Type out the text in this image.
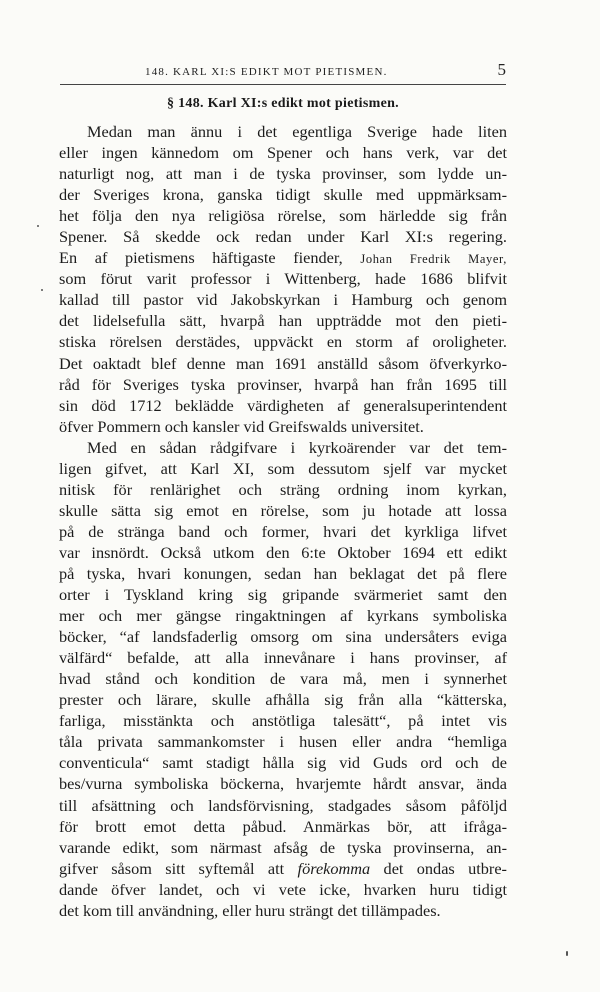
148. KARL XI:S EDIKT MOT PIETISMEN.	5
§ 148. Karl XI:s edikt mot pietismen.
Medan man ännu i det egentliga Sverige hade liten
eller ingen kännedom om Spener och hans verk, var det
naturligt nog, att man i de tyska provinser, som lydde un-
der Sveriges krona, ganska tidigt skulle med uppmärksam-
het följa den nya religiösa rörelse, som härledde sig från
Spener. Så skedde ock redan under Karl XI:s regering.
En af pietismens häftigaste fiender, Johan Fredrik Mayer,
som förut varit professor i Wittenberg, hade 1686 blifvit
kallad till pastor vid Jakobskyrkan i Hamburg och genom
det lidelsefulla sätt, hvarpå han uppträdde mot den pieti-
stiska rörelsen derstädes, uppväckt en storm af oroligheter.
Det oaktadt blef denne man 1691 anställd såsom öfverkyrko-
råd för Sveriges tyska provinser, hvarpå han från 1695 till
sin död 1712 beklädde värdigheten af generalsuperintendent
öfver Pommern och kansler vid Greifswalds universitet.
Med en sådan rådgifvare i kyrkoärender var det tem-
ligen gifvet, att Karl XI, som dessutom sjelf var mycket
nitisk för renlärighet och sträng ordning inom kyrkan,
skulle sätta sig emot en rörelse, som ju hotade att lossa
på de stränga band och former, hvari det kyrkliga lifvet
var insnördt. Också utkom den 6:te Oktober 1694 ett edikt
på tyska, hvari konungen, sedan han beklagat det på flere
orter i Tyskland kring sig gripande svärmeriet samt den
mer och mer gängse ringaktningen af kyrkans symboliska
böcker, “af landsfaderlig omsorg om sina undersåters eviga
välfärd“ befalde, att alla innevånare i hans provinser, af
hvad stånd och kondition de vara må, men i synnerhet
prester och lärare, skulle afhålla sig från alla “kätterska,
farliga, misstänkta och anstötliga talesätt“, på intet vis
tåla privata sammankomster i husen eller andra “hemliga
conventicula“ samt stadigt hålla sig vid Guds ord och de
bes/vurna symboliska böckerna, hvarjemte hårdt ansvar, ända
till afsättning och landsförvisning, stadgades såsom påföljd
för brott emot detta påbud. Anmärkas bör, att ifråga-
varande edikt, som närmast afsåg de tyska provinserna, an-
gifver såsom sitt syftemål att förekomma det ondas utbre-
dande öfver landet, och vi vete icke, hvarken huru tidigt
det kom till användning, eller huru strängt det tillämpades.
